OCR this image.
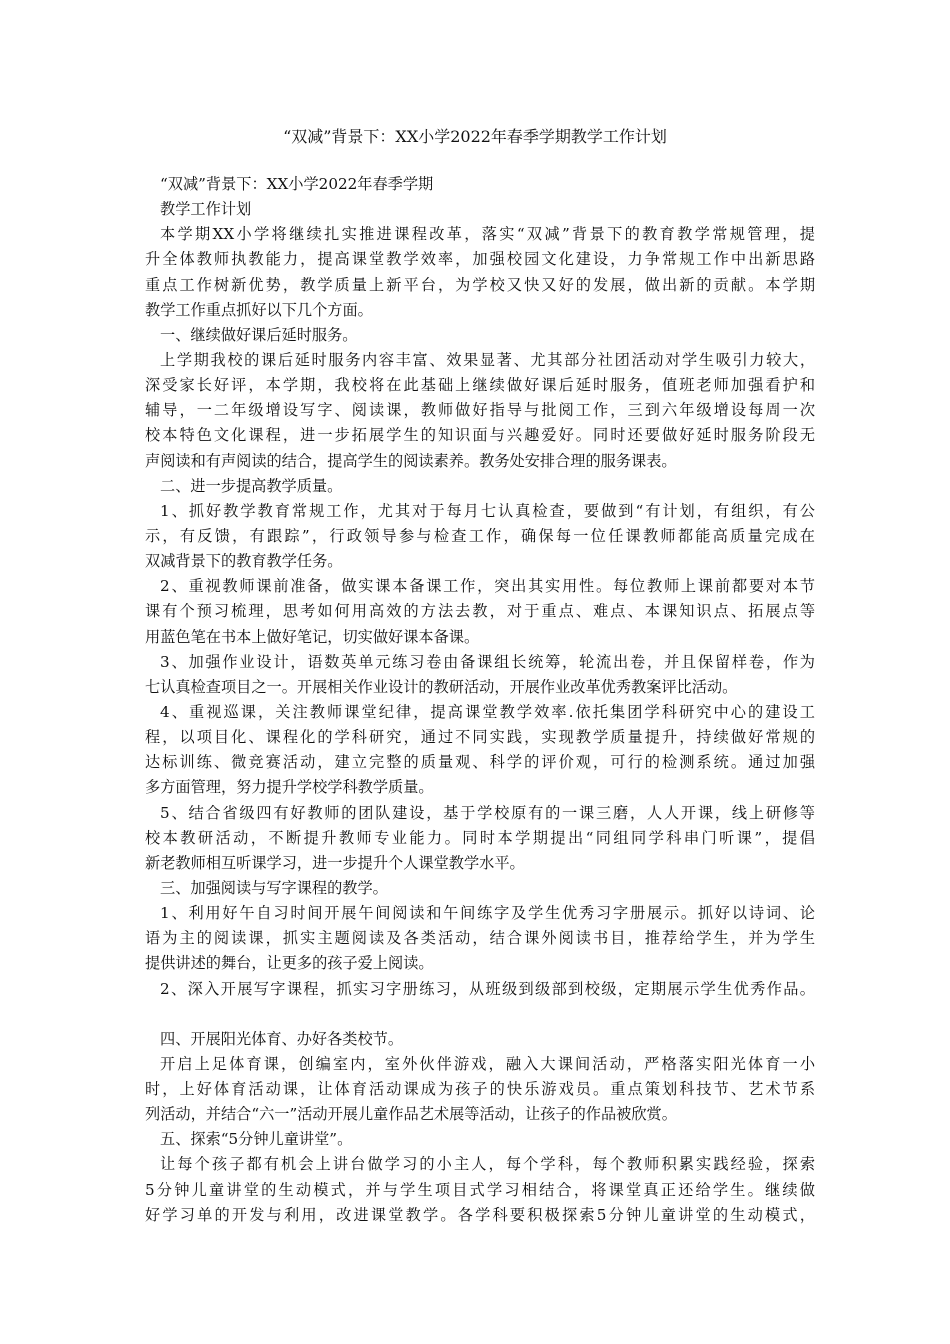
“双减”背景下：XX小学2022年春季学期教学工作计划
“双减”背景下：XX小学2022年春季学期
教学工作计划
本学期XX小学将继续扎实推进课程改革，落实“双减”背景下的教育教学常规管理，提
升全体教师执教能力，提高课堂教学效率，加强校园文化建设，力争常规工作中出新思路
重点工作树新优势，教学质量上新平台，为学校又快又好的发展，做出新的贡献。本学期
教学工作重点抓好以下几个方面。
一、继续做好课后延时服务。
上学期我校的课后延时服务内容丰富、效果显著、尤其部分社团活动对学生吸引力较大，
深受家长好评，本学期，我校将在此基础上继续做好课后延时服务，值班老师加强看护和
辅导，一二年级增设写字、阅读课，教师做好指导与批阅工作，三到六年级增设每周一次
校本特色文化课程，进一步拓展学生的知识面与兴趣爱好。同时还要做好延时服务阶段无
声阅读和有声阅读的结合，提高学生的阅读素养。教务处安排合理的服务课表。
二、进一步提高教学质量。
1、抓好教学教育常规工作，尤其对于每月七认真检查，要做到“有计划，有组织，有公
示，有反馈，有跟踪”，行政领导参与检查工作，确保每一位任课教师都能高质量完成在
双减背景下的教育教学任务。
2、重视教师课前准备，做实课本备课工作，突出其实用性。每位教师上课前都要对本节
课有个预习梳理，思考如何用高效的方法去教，对于重点、难点、本课知识点、拓展点等
用蓝色笔在书本上做好笔记，切实做好课本备课。
3、加强作业设计，语数英单元练习卷由备课组长统筹，轮流出卷，并且保留样卷，作为
七认真检查项目之一。开展相关作业设计的教研活动，开展作业改革优秀教案评比活动。
4、重视巡课，关注教师课堂纪律，提高课堂教学效率.依托集团学科研究中心的建设工
程，以项目化、课程化的学科研究，通过不同实践，实现教学质量提升，持续做好常规的
达标训练、微竞赛活动，建立完整的质量观、科学的评价观，可行的检测系统。通过加强
多方面管理，努力提升学校学科教学质量。
5、结合省级四有好教师的团队建设，基于学校原有的一课三磨，人人开课，线上研修等
校本教研活动，不断提升教师专业能力。同时本学期提出“同组同学科串门听课”，提倡
新老教师相互听课学习，进一步提升个人课堂教学水平。
三、加强阅读与写字课程的教学。
1、利用好午自习时间开展午间阅读和午间练字及学生优秀习字册展示。抓好以诗词、论
语为主的阅读课，抓实主题阅读及各类活动，结合课外阅读书目，推荐给学生，并为学生
提供讲述的舞台，让更多的孩子爱上阅读。
2、深入开展写字课程，抓实习字册练习，从班级到级部到校级，定期展示学生优秀作品。
四、开展阳光体育、办好各类校节。
开启上足体育课，创编室内，室外伙伴游戏，融入大课间活动，严格落实阳光体育一小
时，上好体育活动课，让体育活动课成为孩子的快乐游戏员。重点策划科技节、艺术节系
列活动，并结合“六一”活动开展儿童作品艺术展等活动，让孩子的作品被欣赏。
五、探索“5分钟儿童讲堂”。
让每个孩子都有机会上讲台做学习的小主人，每个学科，每个教师积累实践经验，探索
5分钟儿童讲堂的生动模式，并与学生项目式学习相结合，将课堂真正还给学生。继续做
好学习单的开发与利用，改进课堂教学。各学科要积极探索5分钟儿童讲堂的生动模式，
